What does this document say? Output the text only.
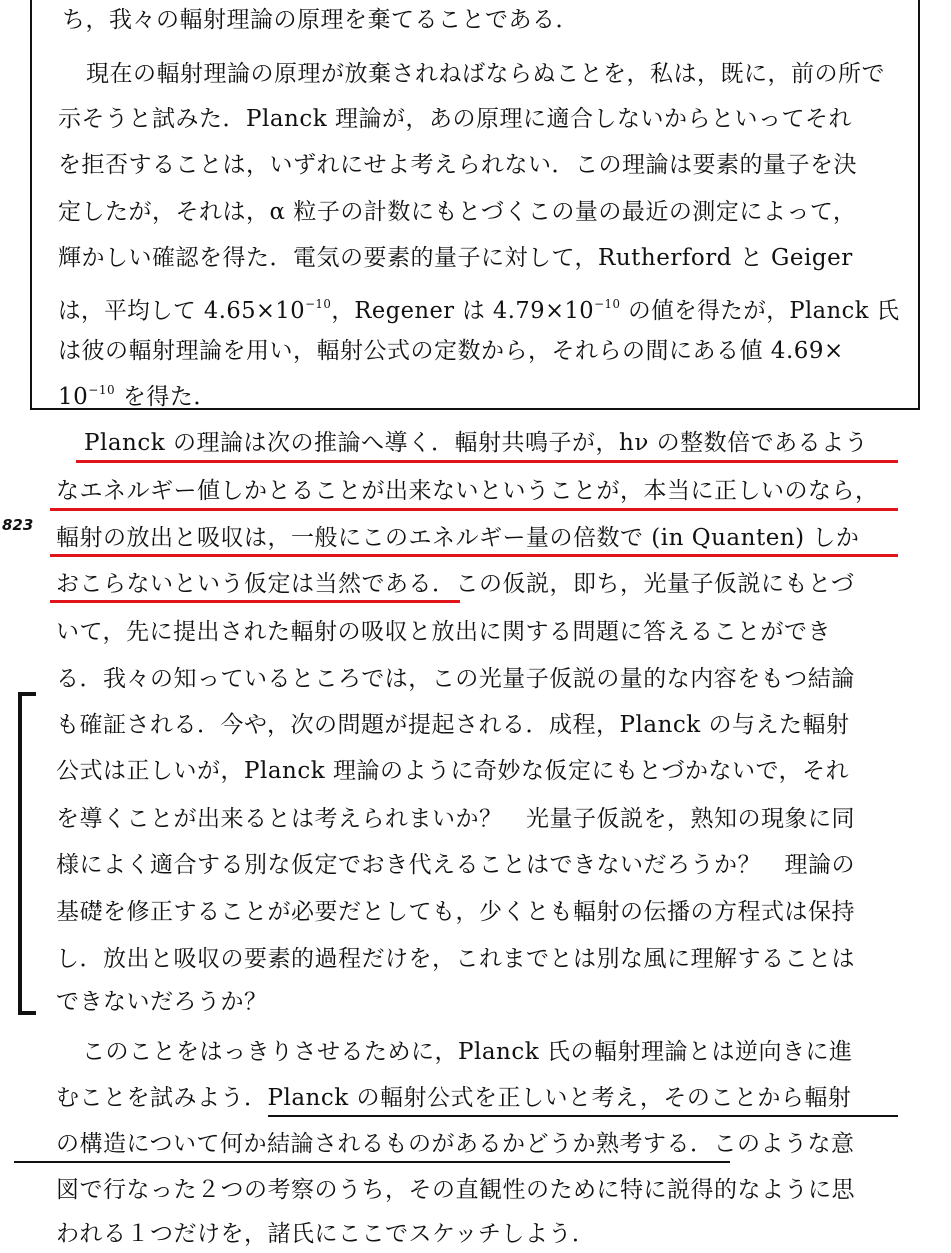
823
ち，我々の輻射理論の原理を棄てることである．
現在の輻射理論の原理が放棄されねばならぬことを，私は，既に，前の所で
示そうと試みた．Planck 理論が，あの原理に適合しないからといってそれ
を拒否することは，いずれにせよ考えられない．この理論は要素的量子を決
定したが，それは，α 粒子の計数にもとづくこの量の最近の測定によって，
輝かしい確認を得た．電気の要素的量子に対して，Rutherford と Geiger
は，平均して $4.65\times 10^{-10}$，Regener は $4.79\times 10^{-10}$ の値を得たが，Planck 氏
は彼の輻射理論を用い，輻射公式の定数から，それらの間にある値 4.69×
$10^{-10}$ を得た．
Planck の理論は次の推論へ導く．輻射共鳴子が，hν の整数倍であるよう
なエネルギー値しかとることが出来ないということが，本当に正しいのなら，
輻射の放出と吸収は，一般にこのエネルギー量の倍数で (in Quanten) しか
おこらないという仮定は当然である．この仮説，即ち，光量子仮説にもとづ
いて，先に提出された輻射の吸収と放出に関する問題に答えることができ
る．我々の知っているところでは，この光量子仮説の量的な内容をもつ結論
も確証される．今や，次の問題が提起される．成程，Planck の与えた輻射
公式は正しいが，Planck 理論のように奇妙な仮定にもとづかないで，それ
を導くことが出来るとは考えられまいか？　光量子仮説を，熟知の現象に同
様によく適合する別な仮定でおき代えることはできないだろうか？　理論の
基礎を修正することが必要だとしても，少くとも輻射の伝播の方程式は保持
し．放出と吸収の要素的過程だけを，これまでとは別な風に理解することは
できないだろうか？
このことをはっきりさせるために，Planck 氏の輻射理論とは逆向きに進
むことを試みよう．Planck の輻射公式を正しいと考え，そのことから輻射
の構造について何か結論されるものがあるかどうか熟考する．このような意
図で行なった２つの考察のうち，その直観性のために特に説得的なように思
われる１つだけを，諸氏にここでスケッチしよう．
